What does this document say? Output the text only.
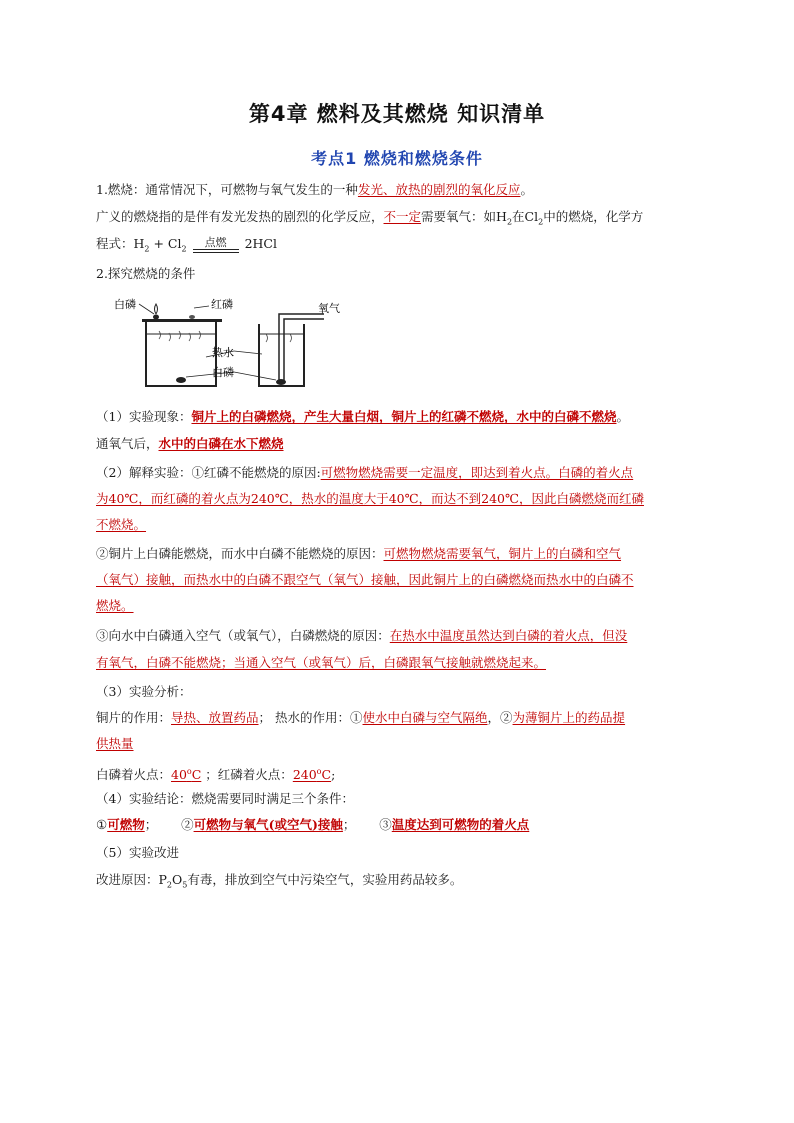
第4章 燃料及其燃烧 知识清单
考点1 燃烧和燃烧条件
1.燃烧：通常情况下，可燃物与氧气发生的一种发光、放热的剧烈的氧化反应。
广义的燃烧指的是伴有发光发热的剧烈的化学反应，不一定需要氧气：如$H_2$在$Cl_2$中的燃烧，化学方
程式：$H_2 + Cl_2$
点燃	2HCl
2.探究燃烧的条件
白磷	红磷	氧气
热水
白磷
（1）实验现象：铜片上的白磷燃烧，产生大量白烟，铜片上的红磷不燃烧，水中的白磷不燃烧。
通氧气后，水中的白磷在水下燃烧
（2）解释实验：①红磷不能燃烧的原因:可燃物燃烧需要一定温度，即达到着火点。白磷的着火点
为40℃，而红磷的着火点为240℃，热水的温度大于40℃，而达不到240℃，因此白磷燃烧而红磷
不燃烧。
②铜片上白磷能燃烧，而水中白磷不能燃烧的原因：可燃物燃烧需要氧气，铜片上的白磷和空气
（氧气）接触，而热水中的白磷不跟空气（氧气）接触，因此铜片上的白磷燃烧而热水中的白磷不
燃烧。
③向水中白磷通入空气（或氧气），白磷燃烧的原因：在热水中温度虽然达到白磷的着火点，但没
有氧气，白磷不能燃烧；当通入空气（或氧气）后，白磷跟氧气接触就燃烧起来。
（3）实验分析：
铜片的作用：导热、放置药品； 热水的作用：①使水中白磷与空气隔绝，②为薄铜片上的药品提
供热量
白磷着火点：40$^o$C ；红磷着火点：240$^o$C;
（4）实验结论：燃烧需要同时满足三个条件：
①可燃物；      ②可燃物与氧气(或空气)接触；      ③温度达到可燃物的着火点
（5）实验改进
改进原因：$P_2O_5$有毒，排放到空气中污染空气，实验用药品较多。
